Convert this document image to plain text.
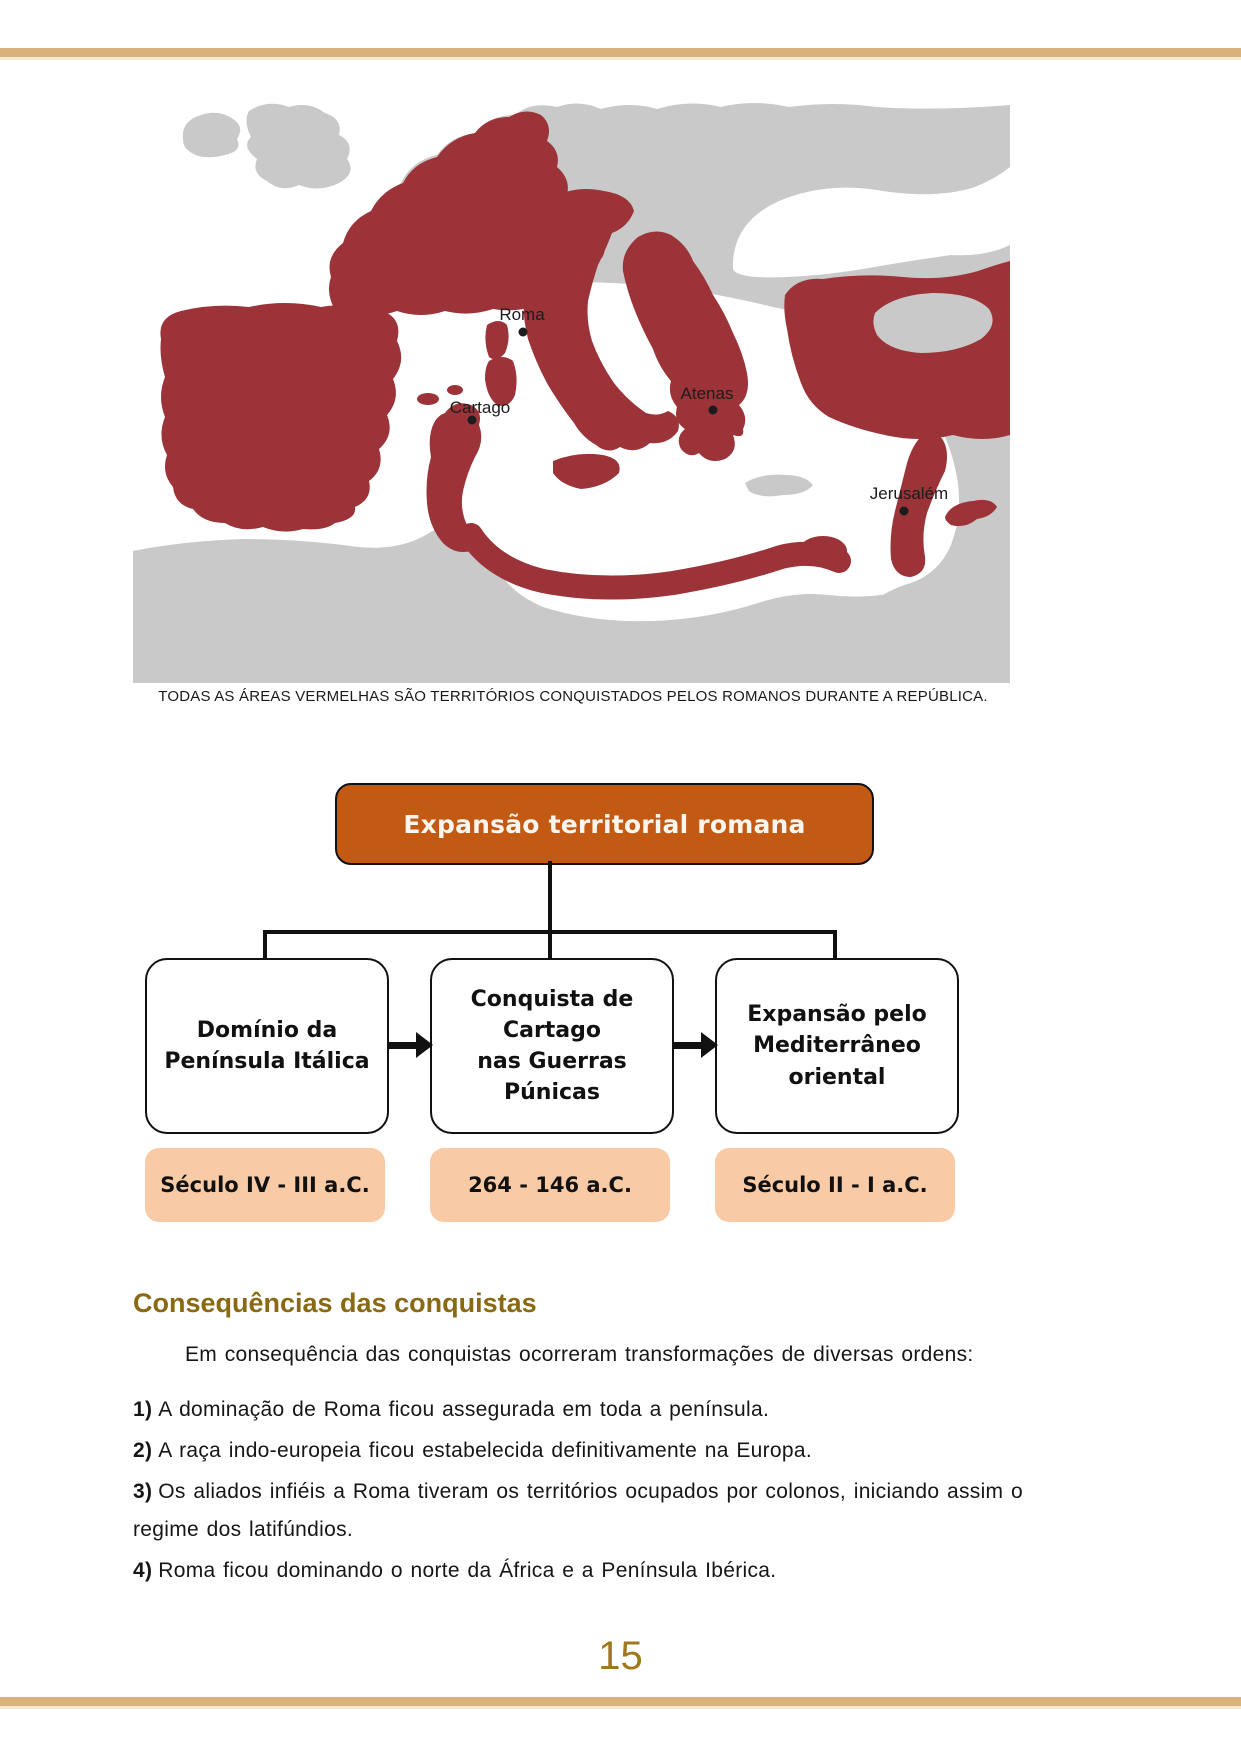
Roma
Cartago
Atenas
Jerusalém
TODAS AS ÁREAS VERMELHAS SÃO TERRITÓRIOS CONQUISTADOS PELOS ROMANOS DURANTE A REPÚBLICA.
Expansão territorial romana
Domínio da
Península Itálica
Conquista de
Cartago
nas Guerras
Púnicas
Expansão pelo
Mediterrâneo
oriental
Século IV - III a.C.	264 - 146 a.C.	Século II - I a.C.
Consequências das conquistas

Em consequência das conquistas ocorreram transformações de diversas ordens:

1) A dominação de Roma ficou assegurada em toda a península.
2) A raça indo-europeia ficou estabelecida definitivamente na Europa.
3) Os aliados infiéis a Roma tiveram os territórios ocupados por colonos, iniciando assim o regime dos latifúndios.
4) Roma ficou dominando o norte da África e a Península Ibérica.
15
